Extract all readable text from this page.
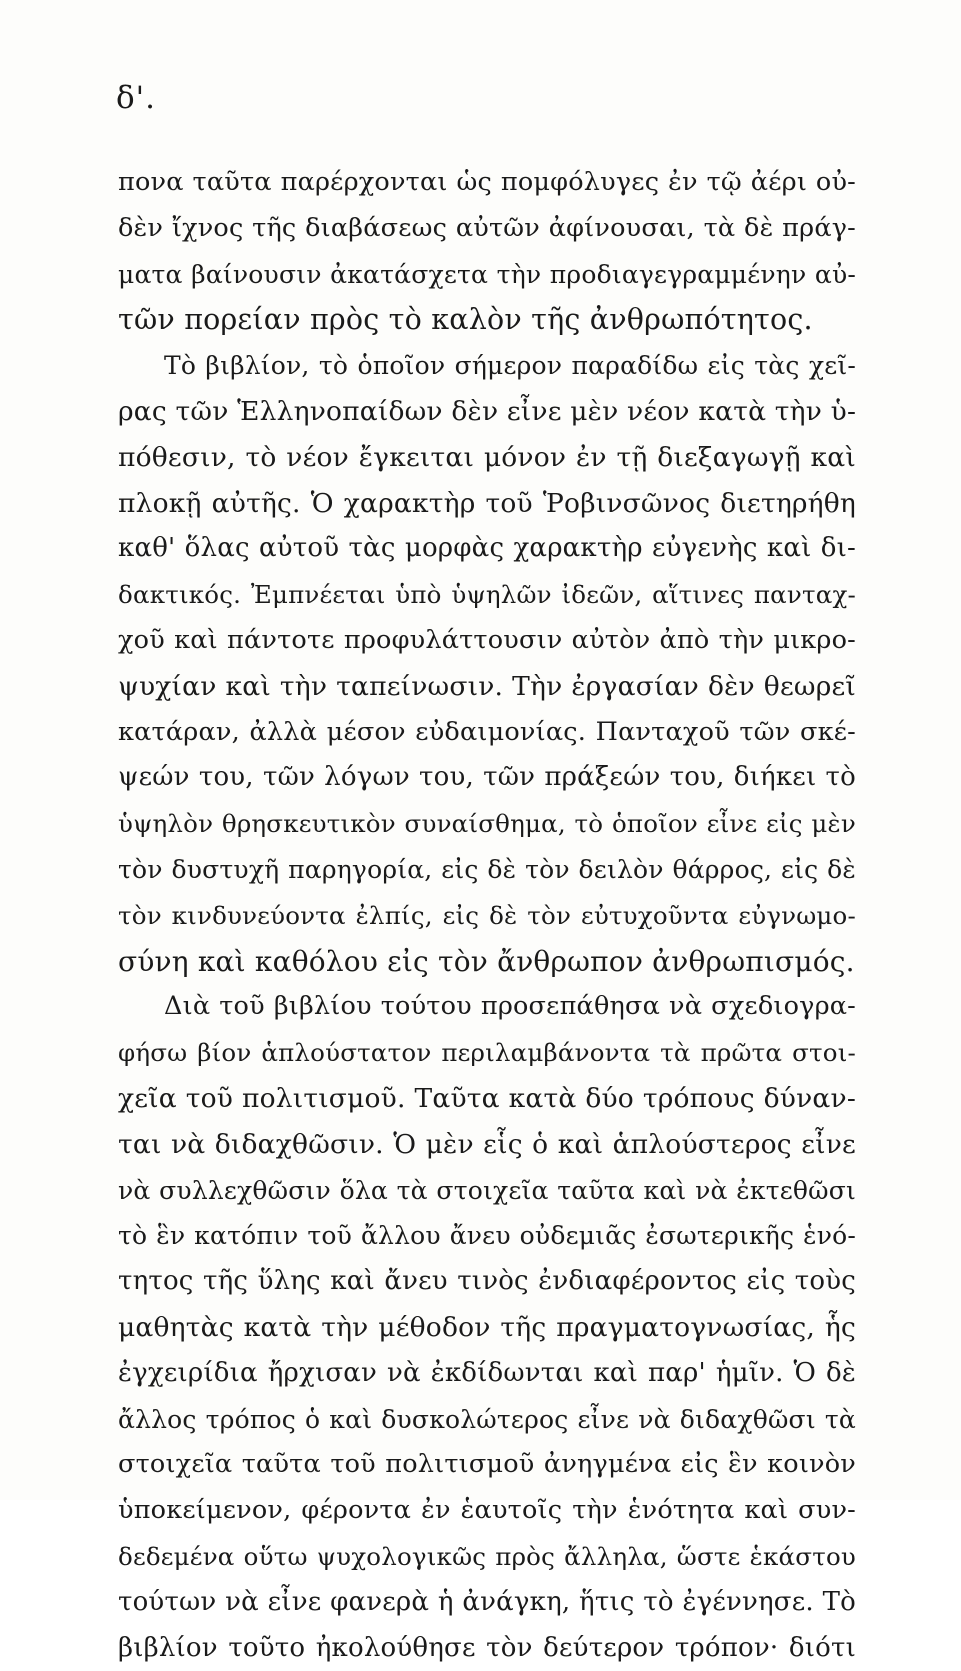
δ'.
πονα ταῦτα παρέρχονται ὡς πομφόλυγες ἐν τῷ ἀέρι οὐ-
δὲν ἴχνος τῆς διαβάσεως αὐτῶν ἀφίνουσαι, τὰ δὲ πράγ-
ματα βαίνουσιν ἀκατάσχετα τὴν προδιαγεγραμμένην αὐ-
τῶν πορείαν πρὸς τὸ καλὸν τῆς ἀνθρωπότητος.
Τὸ βιβλίον, τὸ ὁποῖον σήμερον παραδίδω εἰς τὰς χεῖ-
ρας τῶν Ἑλληνοπαίδων δὲν εἶνε μὲν νέον κατὰ τὴν ὑ-
πόθεσιν, τὸ νέον ἔγκειται μόνον ἐν τῇ διεξαγωγῇ καὶ
πλοκῇ αὐτῆς. Ὁ χαρακτὴρ τοῦ Ῥοβινσῶνος διετηρήθη
καθ' ὅλας αὐτοῦ τὰς μορφὰς χαρακτὴρ εὐγενὴς καὶ δι-
δακτικός. Ἐμπνέεται ὑπὸ ὑψηλῶν ἰδεῶν, αἵτινες πανταχ-
χοῦ καὶ πάντοτε προφυλάττουσιν αὐτὸν ἀπὸ τὴν μικρο-
ψυχίαν καὶ τὴν ταπείνωσιν. Τὴν ἐργασίαν δὲν θεωρεῖ
κατάραν, ἀλλὰ μέσον εὐδαιμονίας. Πανταχοῦ τῶν σκέ-
ψεών του, τῶν λόγων του, τῶν πράξεών του, διήκει τὸ
ὑψηλὸν θρησκευτικὸν συναίσθημα, τὸ ὁποῖον εἶνε εἰς μὲν
τὸν δυστυχῆ παρηγορία, εἰς δὲ τὸν δειλὸν θάρρος, εἰς δὲ
τὸν κινδυνεύοντα ἐλπίς, εἰς δὲ τὸν εὐτυχοῦντα εὐγνωμο-
σύνη καὶ καθόλου εἰς τὸν ἄνθρωπον ἀνθρωπισμός.
Διὰ τοῦ βιβλίου τούτου προσεπάθησα νὰ σχεδιογρα-
φήσω βίον ἁπλούστατον περιλαμβάνοντα τὰ πρῶτα στοι-
χεῖα τοῦ πολιτισμοῦ. Ταῦτα κατὰ δύο τρόπους δύναν-
ται νὰ διδαχθῶσιν. Ὁ μὲν εἷς ὁ καὶ ἁπλούστερος εἶνε
νὰ συλλεχθῶσιν ὅλα τὰ στοιχεῖα ταῦτα καὶ νὰ ἐκτεθῶσι
τὸ ἓν κατόπιν τοῦ ἄλλου ἄνευ οὐδεμιᾶς ἐσωτερικῆς ἑνό-
τητος τῆς ὕλης καὶ ἄνευ τινὸς ἐνδιαφέροντος εἰς τοὺς
μαθητὰς κατὰ τὴν μέθοδον τῆς πραγματογνωσίας, ἧς
ἐγχειρίδια ἤρχισαν νὰ ἐκδίδωνται καὶ παρ' ἡμῖν. Ὁ δὲ
ἄλλος τρόπος ὁ καὶ δυσκολώτερος εἶνε νὰ διδαχθῶσι τὰ
στοιχεῖα ταῦτα τοῦ πολιτισμοῦ ἀνηγμένα εἰς ἓν κοινὸν
ὑποκείμενον, φέροντα ἐν ἑαυτοῖς τὴν ἑνότητα καὶ συν-
δεδεμένα οὕτω ψυχολογικῶς πρὸς ἄλληλα, ὥστε ἑκάστου
τούτων νὰ εἶνε φανερὰ ἡ ἀνάγκη, ἥτις τὸ ἐγέννησε. Τὸ
βιβλίον τοῦτο ἠκολούθησε τὸν δεύτερον τρόπον· διότι
